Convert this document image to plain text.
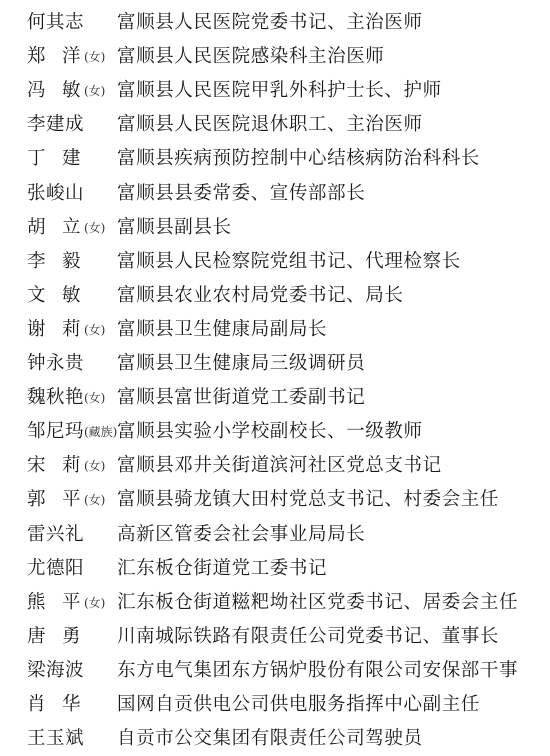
何其志 富顺县人民医院党委书记、主治医师
郑 洋 (女) 富顺县人民医院感染科主治医师
冯 敏 (女) 富顺县人民医院甲乳外科护士长、护师
李建成 富顺县人民医院退休职工、主治医师
丁 建 富顺县疾病预防控制中心结核病防治科科长
张峻山 富顺县县委常委、宣传部部长
胡 立 (女) 富顺县副县长
李 毅 富顺县人民检察院党组书记、代理检察长
文 敏 富顺县农业农村局党委书记、局长
谢 莉 (女) 富顺县卫生健康局副局长
钟永贵 富顺县卫生健康局三级调研员
魏秋艳 (女) 富顺县富世街道党工委副书记
邹尼玛 (藏族) 富顺县实验小学校副校长、一级教师
宋 莉 (女) 富顺县邓井关街道滨河社区党总支书记
郭 平 (女) 富顺县骑龙镇大田村党总支书记、村委会主任
雷兴礼 高新区管委会社会事业局局长
尤德阳 汇东板仓街道党工委书记
熊 平 (女) 汇东板仓街道糍粑坳社区党委书记、居委会主任
唐 勇 川南城际铁路有限责任公司党委书记、董事长
梁海波 东方电气集团东方锅炉股份有限公司安保部干事
肖 华 国网自贡供电公司供电服务指挥中心副主任
王玉斌 自贡市公交集团有限责任公司驾驶员
